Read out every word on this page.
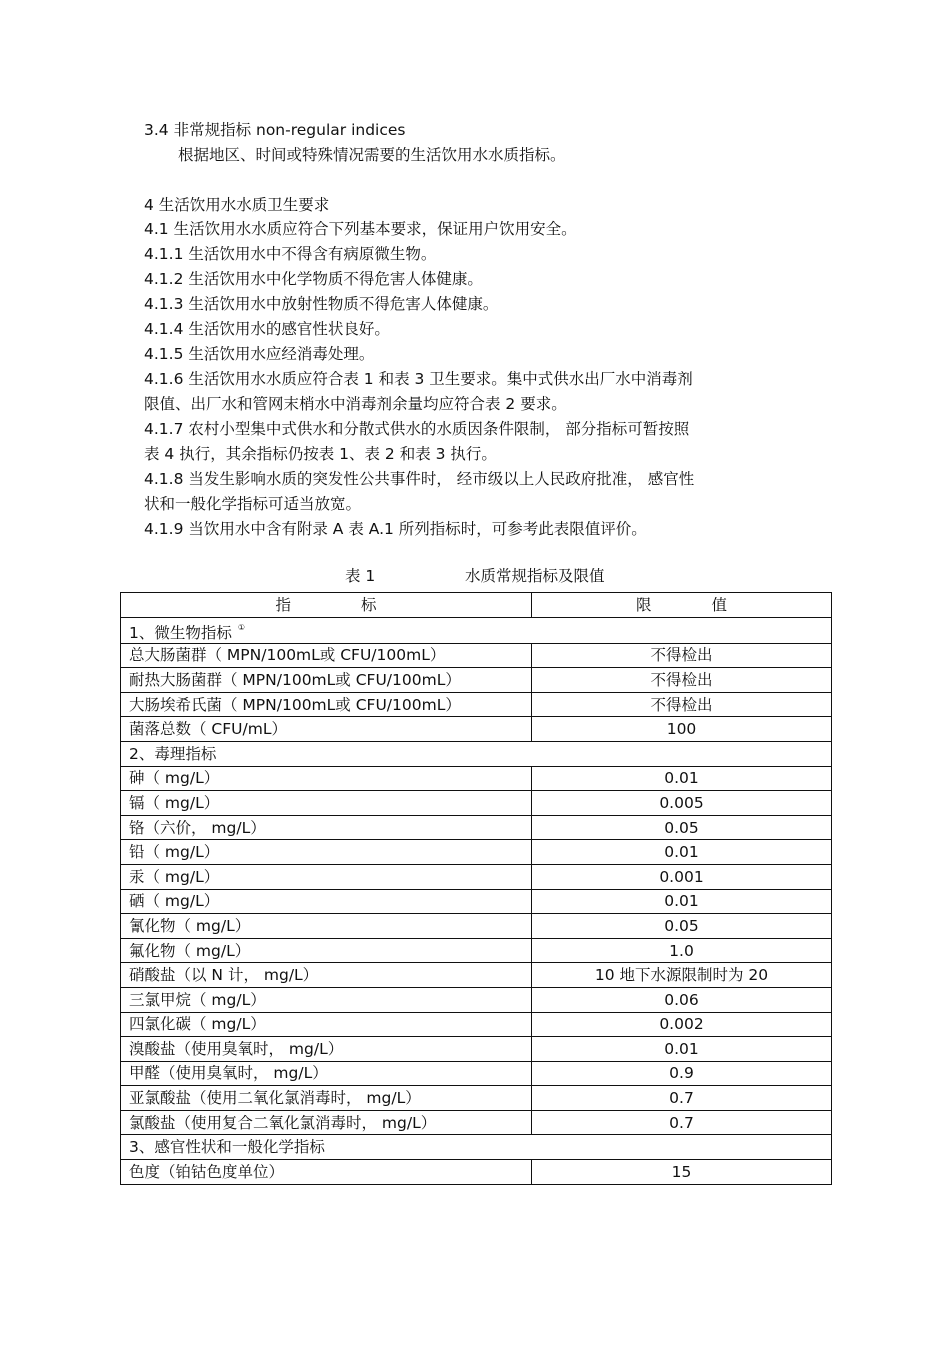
3.4 非常规指标 non-regular indices
根据地区、时间或特殊情况需要的生活饮用水水质指标。
4 生活饮用水水质卫生要求
4.1 生活饮用水水质应符合下列基本要求，保证用户饮用安全。
4.1.1 生活饮用水中不得含有病原微生物。
4.1.2 生活饮用水中化学物质不得危害人体健康。
4.1.3 生活饮用水中放射性物质不得危害人体健康。
4.1.4 生活饮用水的感官性状良好。
4.1.5 生活饮用水应经消毒处理。
4.1.6 生活饮用水水质应符合表 1 和表 3 卫生要求。集中式供水出厂水中消毒剂
限值、出厂水和管网末梢水中消毒剂余量均应符合表 2 要求。
4.1.7 农村小型集中式供水和分散式供水的水质因条件限制， 部分指标可暂按照
表 4 执行，其余指标仍按表 1、表 2 和表 3 执行。
4.1.8 当发生影响水质的突发性公共事件时， 经市级以上人民政府批准， 感官性
状和一般化学指标可适当放宽。
4.1.9 当饮用水中含有附录 A 表 A.1 所列指标时，可参考此表限值评价。
表 1	水质常规指标及限值
指 标	限 值
1、微生物指标 ①
总大肠菌群（ MPN/100mL或 CFU/100mL）	不得检出
耐热大肠菌群（ MPN/100mL或 CFU/100mL）	不得检出
大肠埃希氏菌（ MPN/100mL或 CFU/100mL）	不得检出
菌落总数（ CFU/mL）	100
2、毒理指标	
砷（ mg/L）	0.01
镉（ mg/L）	0.005
铬（六价， mg/L）	0.05
铅（ mg/L）	0.01
汞（ mg/L）	0.001
硒（ mg/L）	0.01
氰化物（ mg/L）	0.05
氟化物（ mg/L）	1.0
硝酸盐（以 N 计， mg/L）	10 地下水源限制时为 20
三氯甲烷（ mg/L）	0.06
四氯化碳（ mg/L）	0.002
溴酸盐（使用臭氧时， mg/L）	0.01
甲醛（使用臭氧时， mg/L）	0.9
亚氯酸盐（使用二氧化氯消毒时， mg/L）	0.7
氯酸盐（使用复合二氧化氯消毒时， mg/L）	0.7
3、感官性状和一般化学指标	
色度（铂钴色度单位）	15
